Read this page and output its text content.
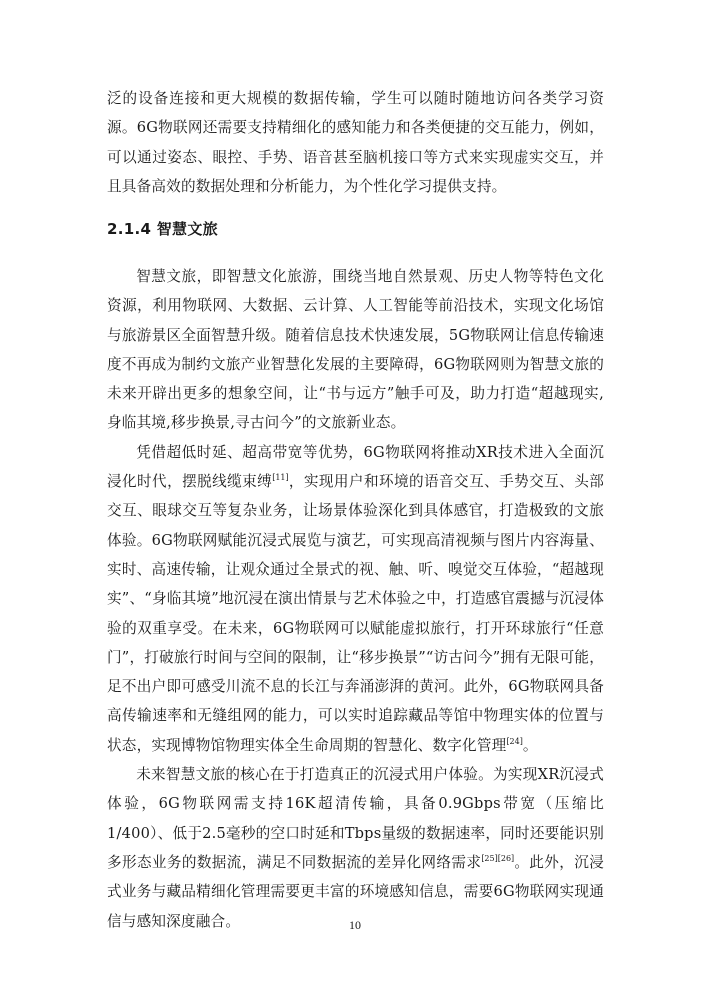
泛的设备连接和更大规模的数据传输，学生可以随时随地访问各类学习资源。6G物联网还需要支持精细化的感知能力和各类便捷的交互能力，例如，可以通过姿态、眼控、手势、语音甚至脑机接口等方式来实现虚实交互，并且具备高效的数据处理和分析能力，为个性化学习提供支持。

2.1.4 智慧文旅

智慧文旅，即智慧文化旅游，围绕当地自然景观、历史人物等特色文化资源，利用物联网、大数据、云计算、人工智能等前沿技术，实现文化场馆与旅游景区全面智慧升级。随着信息技术快速发展，5G物联网让信息传输速度不再成为制约文旅产业智慧化发展的主要障碍，6G物联网则为智慧文旅的未来开辟出更多的想象空间，让“书与远方”触手可及，助力打造“超越现实,身临其境,移步换景,寻古问今”的文旅新业态。

凭借超低时延、超高带宽等优势，6G物联网将推动XR技术进入全面沉浸化时代，摆脱线缆束缚[11]，实现用户和环境的语音交互、手势交互、头部交互、眼球交互等复杂业务，让场景体验深化到具体感官，打造极致的文旅体验。6G物联网赋能沉浸式展览与演艺，可实现高清视频与图片内容海量、实时、高速传输，让观众通过全景式的视、触、听、嗅觉交互体验，“超越现实”、“身临其境”地沉浸在演出情景与艺术体验之中，打造感官震撼与沉浸体验的双重享受。在未来，6G物联网可以赋能虚拟旅行，打开环球旅行“任意门”，打破旅行时间与空间的限制，让“移步换景”“访古问今”拥有无限可能，足不出户即可感受川流不息的长江与奔涌澎湃的黄河。此外，6G物联网具备高传输速率和无缝组网的能力，可以实时追踪藏品等馆中物理实体的位置与状态，实现博物馆物理实体全生命周期的智慧化、数字化管理[24]。

未来智慧文旅的核心在于打造真正的沉浸式用户体验。为实现XR沉浸式体验，6G物联网需支持16K超清传输，具备0.9Gbps带宽（压缩比1/400）、低于2.5毫秒的空口时延和Tbps量级的数据速率，同时还要能识别多形态业务的数据流，满足不同数据流的差异化网络需求[25][26]。此外，沉浸式业务与藏品精细化管理需要更丰富的环境感知信息，需要6G物联网实现通信与感知深度融合。	10
